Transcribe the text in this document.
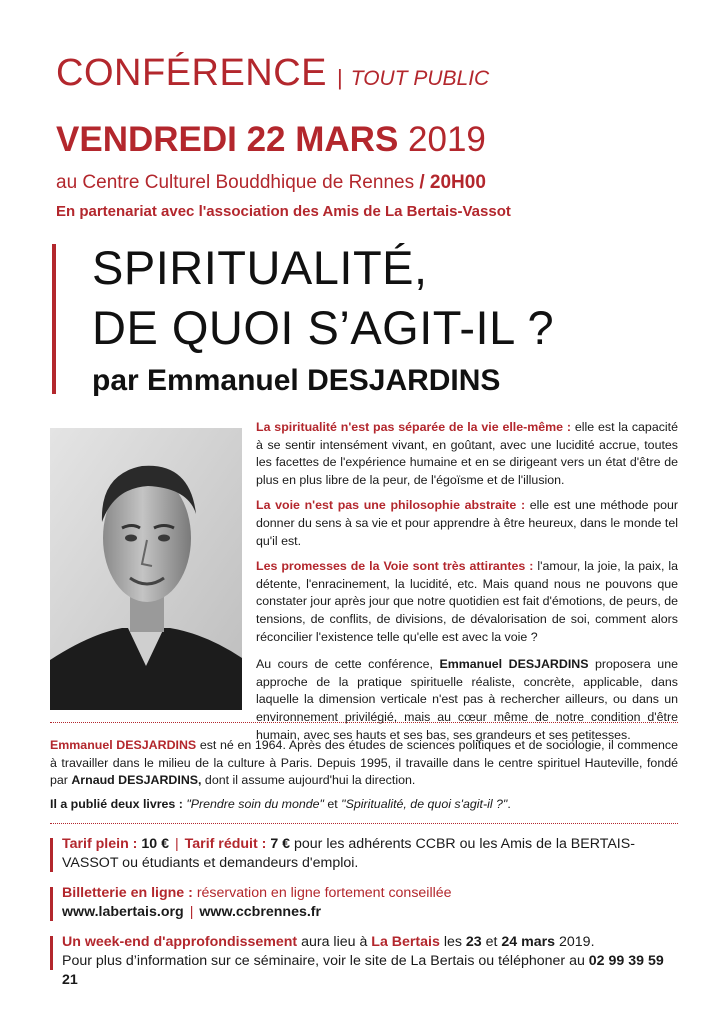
CONFÉRENCE | TOUT PUBLIC
VENDREDI 22 MARS 2019
au Centre Culturel Bouddhique de Rennes / 20H00
En partenariat avec l'association des Amis de La Bertais-Vassot
SPIRITUALITÉ,
DE QUOI S’AGIT-IL ?
par Emmanuel DESJARDINS

La spiritualité n'est pas séparée de la vie elle-même : elle est la capacité à se sentir intensément vivant, en goûtant, avec une lucidité accrue, toutes les facettes de l'expérience humaine et en se dirigeant vers un état d'être de plus en plus libre de la peur, de l'égoïsme et de l'illusion.

La voie n'est pas une philosophie abstraite : elle est une méthode pour donner du sens à sa vie et pour apprendre à être heureux, dans le monde tel qu'il est.

Les promesses de la Voie sont très attirantes : l'amour, la joie, la paix, la détente, l'enracinement, la lucidité, etc. Mais quand nous ne pouvons que constater jour après jour que notre quotidien est fait d'émotions, de peurs, de tensions, de conflits, de divisions, de dévalorisation de soi, comment alors réconcilier l'existence telle qu'elle est avec la voie ?

Au cours de cette conférence, Emmanuel DESJARDINS proposera une approche de la pratique spirituelle réaliste, concrète, applicable, dans laquelle la dimension verticale n'est pas à rechercher ailleurs, ou dans un environnement privilégié, mais au cœur même de notre condition d'être humain, avec ses hauts et ses bas, ses grandeurs et ses petitesses.

Emmanuel DESJARDINS est né en 1964. Après des études de sciences politiques et de sociologie, il commence à travailler dans le milieu de la culture à Paris. Depuis 1995, il travaille dans le centre spirituel Hauteville, fondé par Arnaud DESJARDINS, dont il assume aujourd'hui la direction.

Il a publié deux livres : "Prendre soin du monde" et "Spiritualité, de quoi s'agit-il ?".

Tarif plein : 10 € | Tarif réduit : 7 € pour les adhérents CCBR ou les Amis de la BERTAIS-VASSOT ou étudiants et demandeurs d'emploi.
Billetterie en ligne : réservation en ligne fortement conseillée
www.labertais.org | www.ccbrennes.fr
Un week-end d'approfondissement aura lieu à La Bertais les 23 et 24 mars 2019.
Pour plus d’information sur ce séminaire, voir le site de La Bertais ou téléphoner au 02 99 39 59 21
